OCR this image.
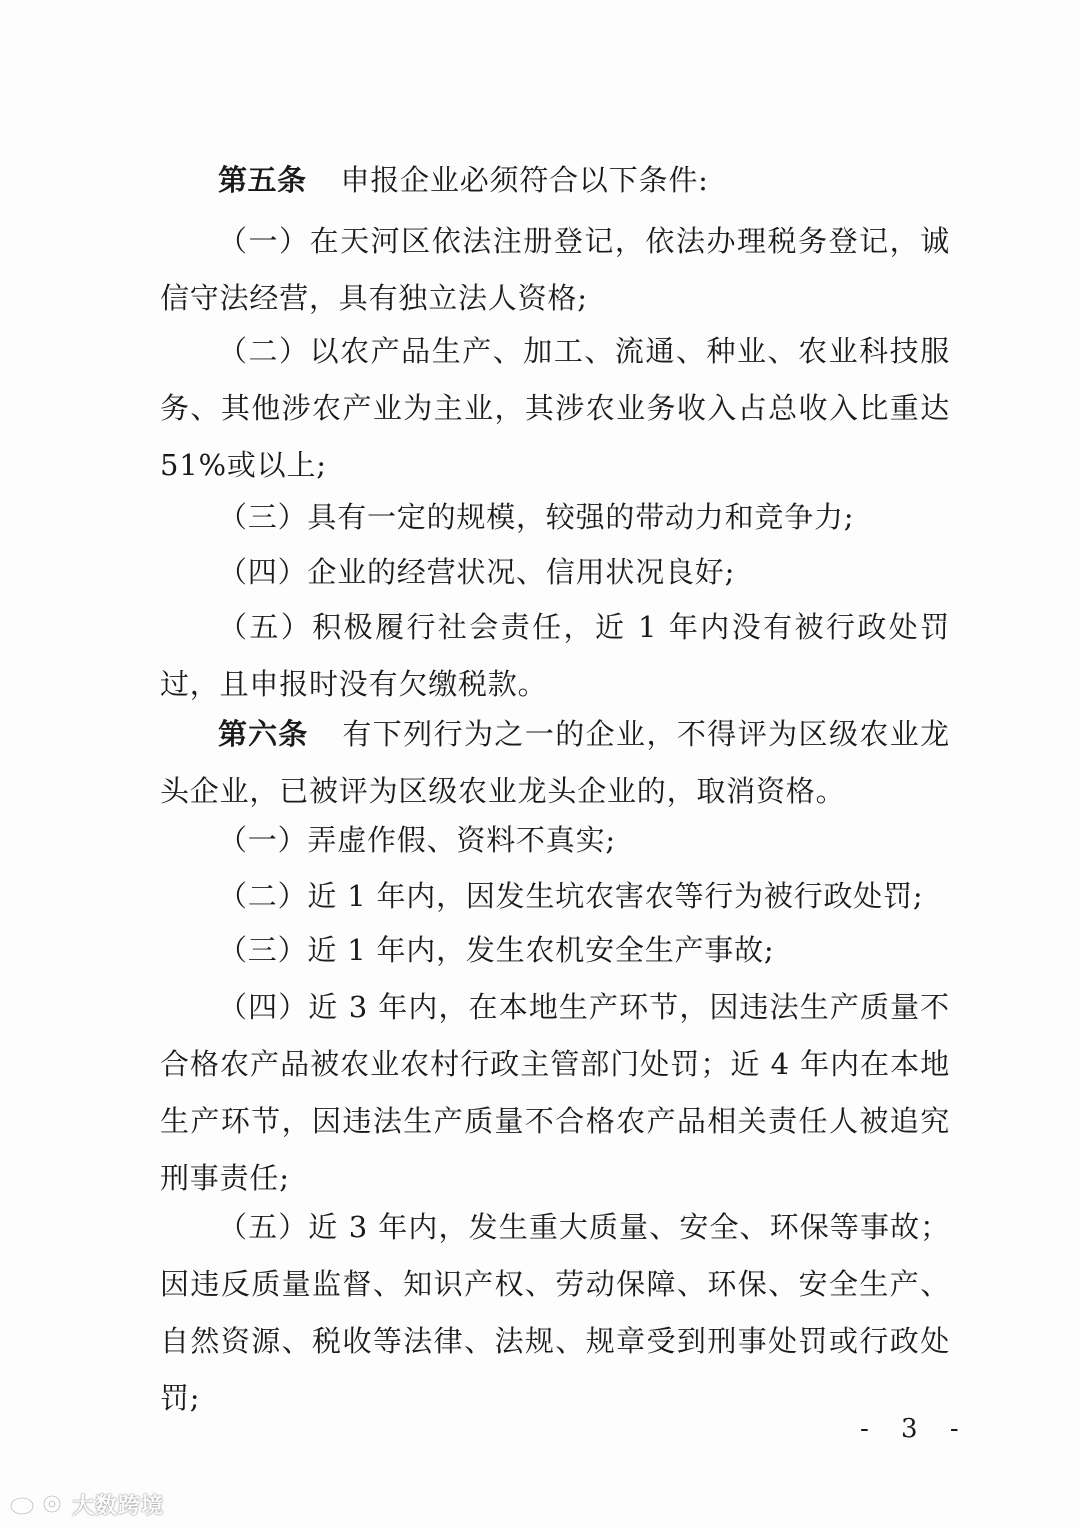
第五条 申报企业必须符合以下条件:

（一）在天河区依法注册登记，依法办理税务登记，诚信守法经营，具有独立法人资格;

（二）以农产品生产、加工、流通、种业、农业科技服务、其他涉农产业为主业，其涉农业务收入占总收入比重达 51%或以上;

（三）具有一定的规模，较强的带动力和竞争力;

（四）企业的经营状况、信用状况良好;

（五）积极履行社会责任，近 1 年内没有被行政处罚过，且申报时没有欠缴税款。

第六条 有下列行为之一的企业，不得评为区级农业龙头企业，已被评为区级农业龙头企业的，取消资格。

（一）弄虚作假、资料不真实;

（二）近 1 年内，因发生坑农害农等行为被行政处罚;

（三）近 1 年内，发生农机安全生产事故;

（四）近 3 年内，在本地生产环节，因违法生产质量不合格农产品被农业农村行政主管部门处罚；近 4 年内在本地生产环节，因违法生产质量不合格农产品相关责任人被追究刑事责任;

（五）近 3 年内，发生重大质量、安全、环保等事故；因违反质量监督、知识产权、劳动保障、环保、安全生产、自然资源、税收等法律、法规、规章受到刑事处罚或行政处罚;

- 3 -
大数跨境
